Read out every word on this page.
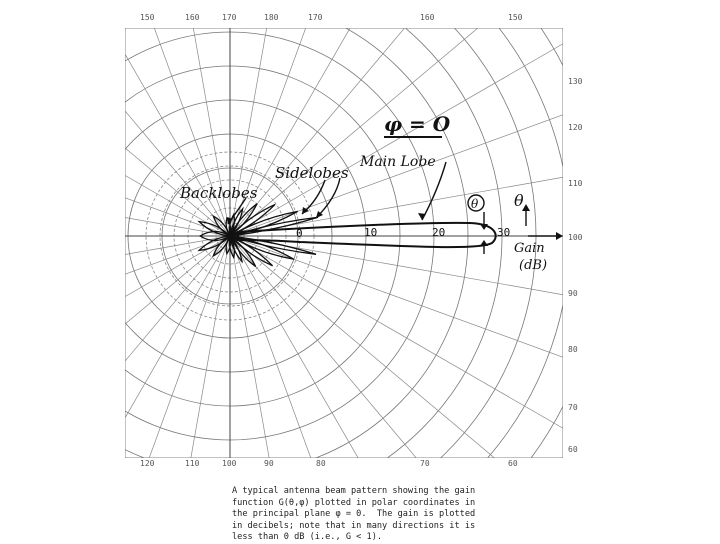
0	10	20	30
φ = O
Main Lobe
Sidelobes
Backlobes
θ θ
Gain
(dB)
150	160	170	180	170	160	150
120	110	100	90	80	70	60
130
120
110
100
90
80
70
60
A typical antenna beam pattern showing the gain
function G(θ,φ) plotted in polar coordinates in
the principal plane φ = 0.  The gain is plotted
in decibels; note that in many directions it is
less than 0 dB (i.e., G < 1).
